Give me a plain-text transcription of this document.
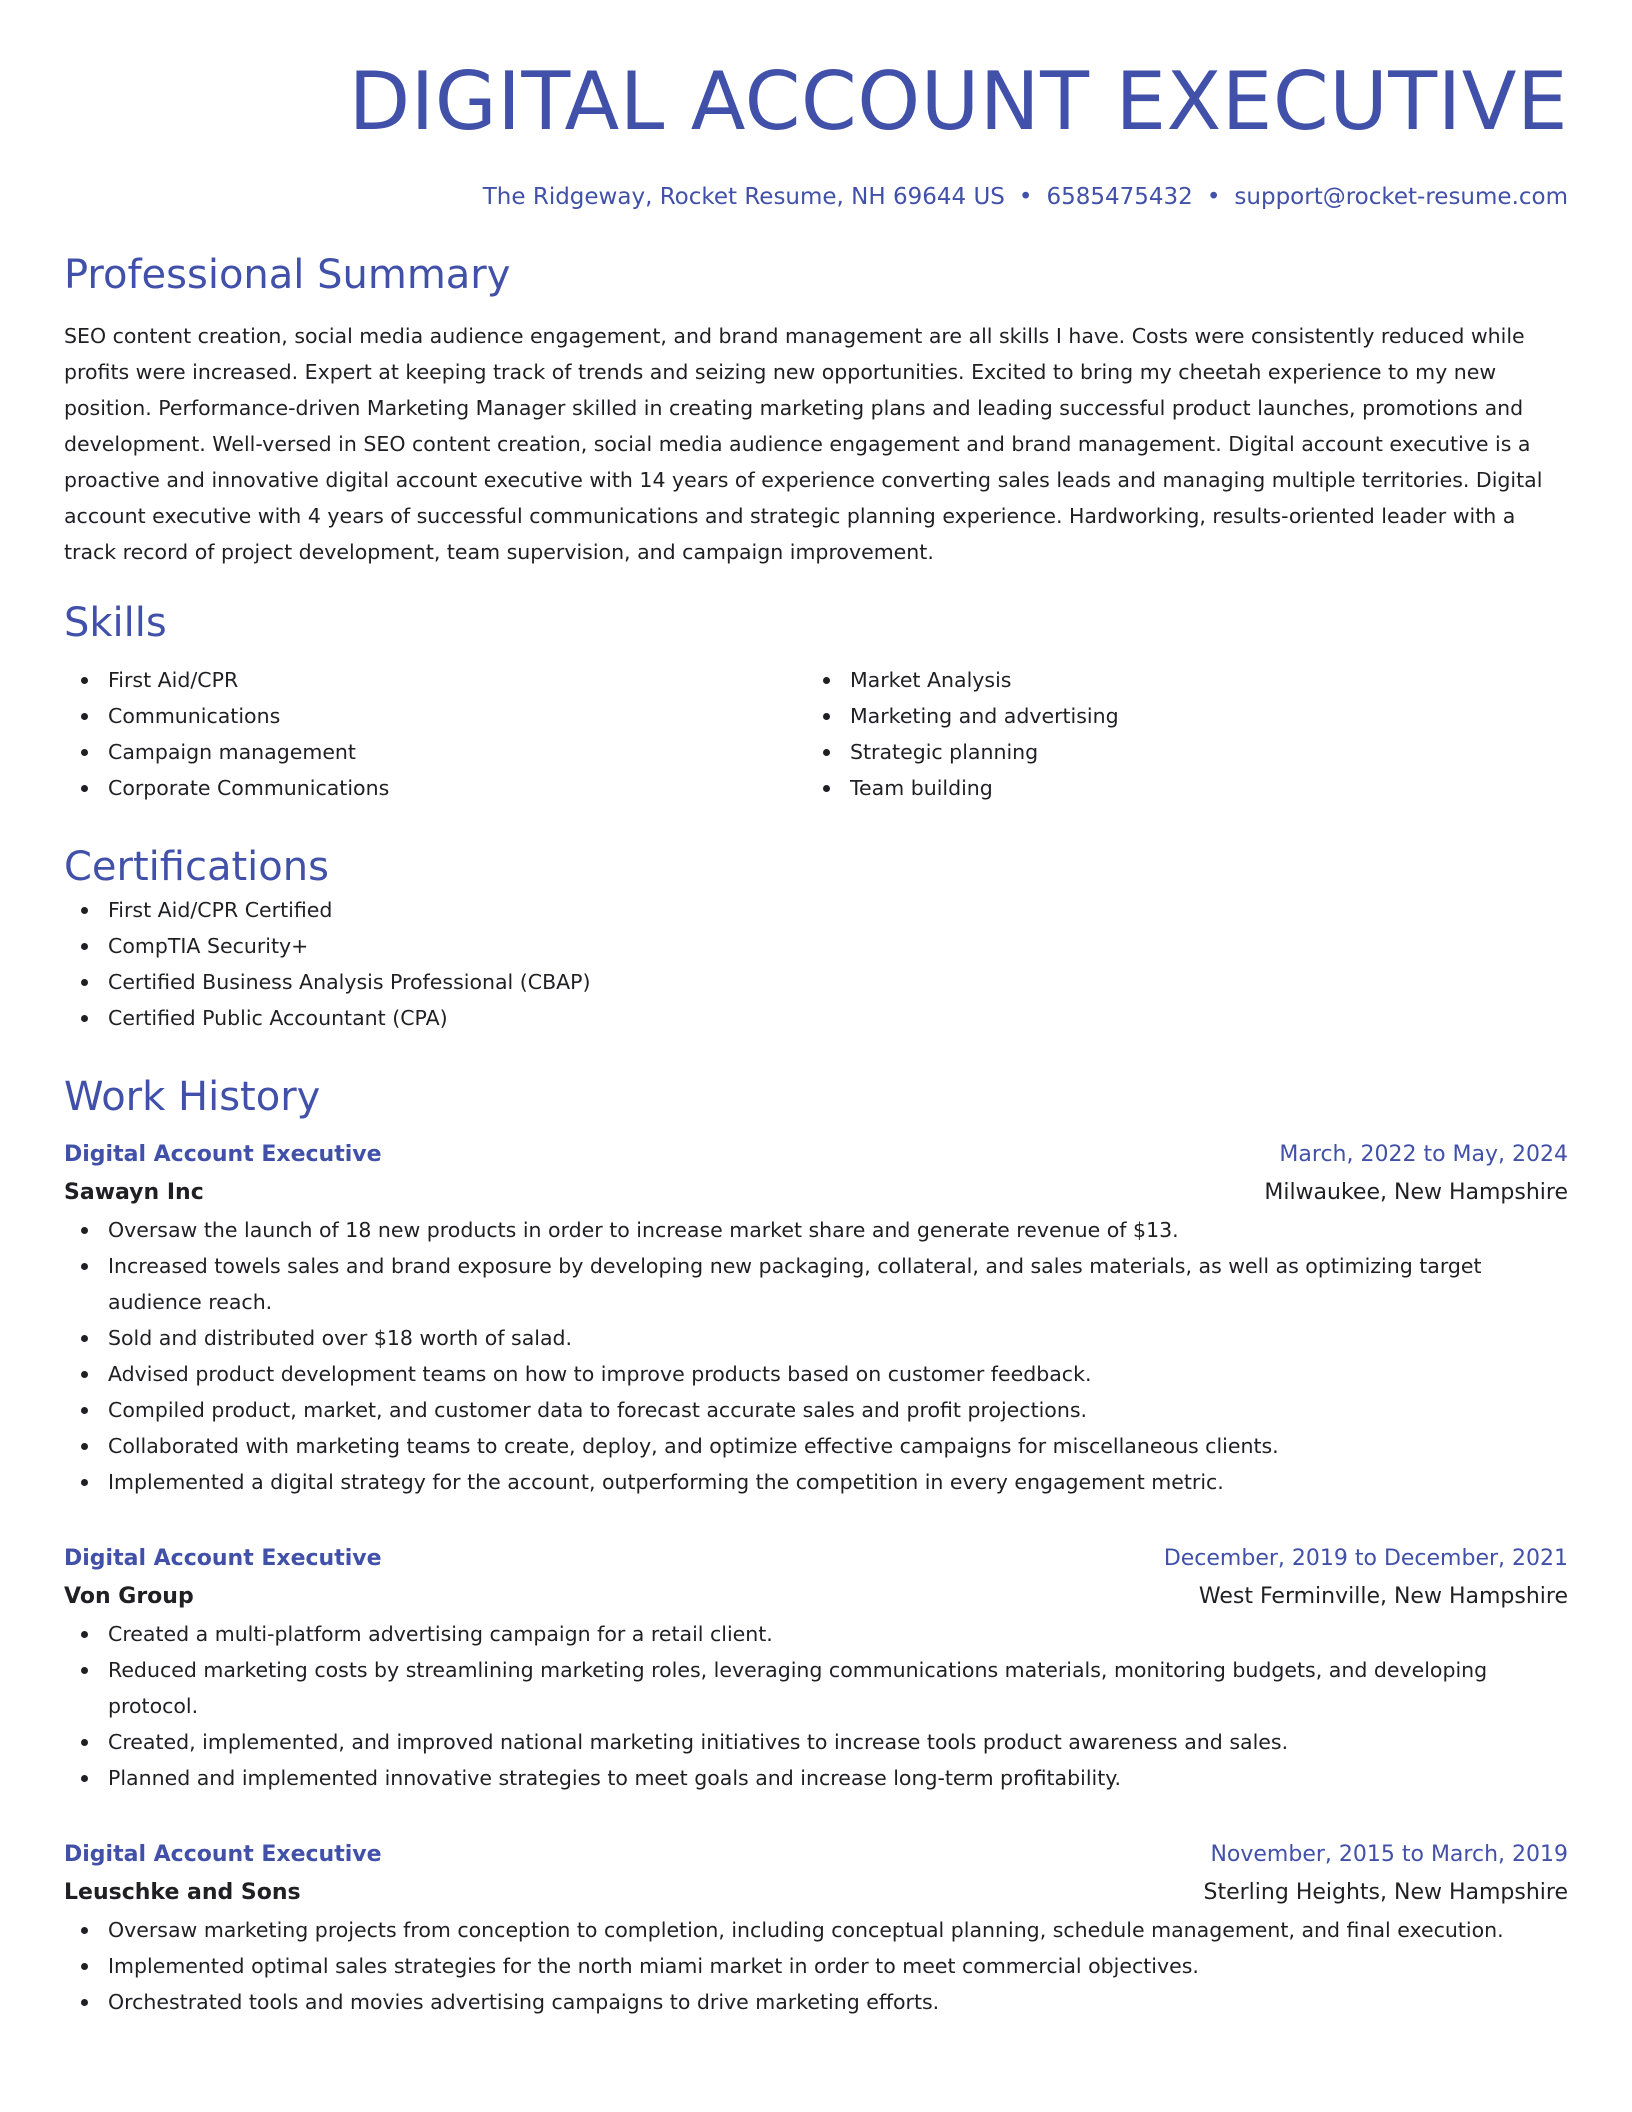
DIGITAL ACCOUNT EXECUTIVE
The Ridgeway, Rocket Resume, NH 69644 US • 6585475432 • support@rocket-resume.com
Professional Summary
SEO content creation, social media audience engagement, and brand management are all skills I have. Costs were consistently reduced while profits were increased. Expert at keeping track of trends and seizing new opportunities. Excited to bring my cheetah experience to my new position. Performance-driven Marketing Manager skilled in creating marketing plans and leading successful product launches, promotions and development. Well-versed in SEO content creation, social media audience engagement and brand management. Digital account executive is a proactive and innovative digital account executive with 14 years of experience converting sales leads and managing multiple territories. Digital account executive with 4 years of successful communications and strategic planning experience. Hardworking, results-oriented leader with a track record of project development, team supervision, and campaign improvement.
Skills
First Aid/CPR
Communications
Campaign management
Corporate Communications
Market Analysis
Marketing and advertising
Strategic planning
Team building
Certifications
First Aid/CPR Certified
CompTIA Security+
Certified Business Analysis Professional (CBAP)
Certified Public Accountant (CPA)
Work History
Digital Account Executive	March, 2022 to May, 2024
Sawayn Inc	Milwaukee, New Hampshire
Oversaw the launch of 18 new products in order to increase market share and generate revenue of $13.
Increased towels sales and brand exposure by developing new packaging, collateral, and sales materials, as well as optimizing target audience reach.
Sold and distributed over $18 worth of salad.
Advised product development teams on how to improve products based on customer feedback.
Compiled product, market, and customer data to forecast accurate sales and profit projections.
Collaborated with marketing teams to create, deploy, and optimize effective campaigns for miscellaneous clients.
Implemented a digital strategy for the account, outperforming the competition in every engagement metric.
Digital Account Executive	December, 2019 to December, 2021
Von Group	West Ferminville, New Hampshire
Created a multi-platform advertising campaign for a retail client.
Reduced marketing costs by streamlining marketing roles, leveraging communications materials, monitoring budgets, and developing protocol.
Created, implemented, and improved national marketing initiatives to increase tools product awareness and sales.
Planned and implemented innovative strategies to meet goals and increase long-term profitability.
Digital Account Executive	November, 2015 to March, 2019
Leuschke and Sons	Sterling Heights, New Hampshire
Oversaw marketing projects from conception to completion, including conceptual planning, schedule management, and final execution.
Implemented optimal sales strategies for the north miami market in order to meet commercial objectives.
Orchestrated tools and movies advertising campaigns to drive marketing efforts.
